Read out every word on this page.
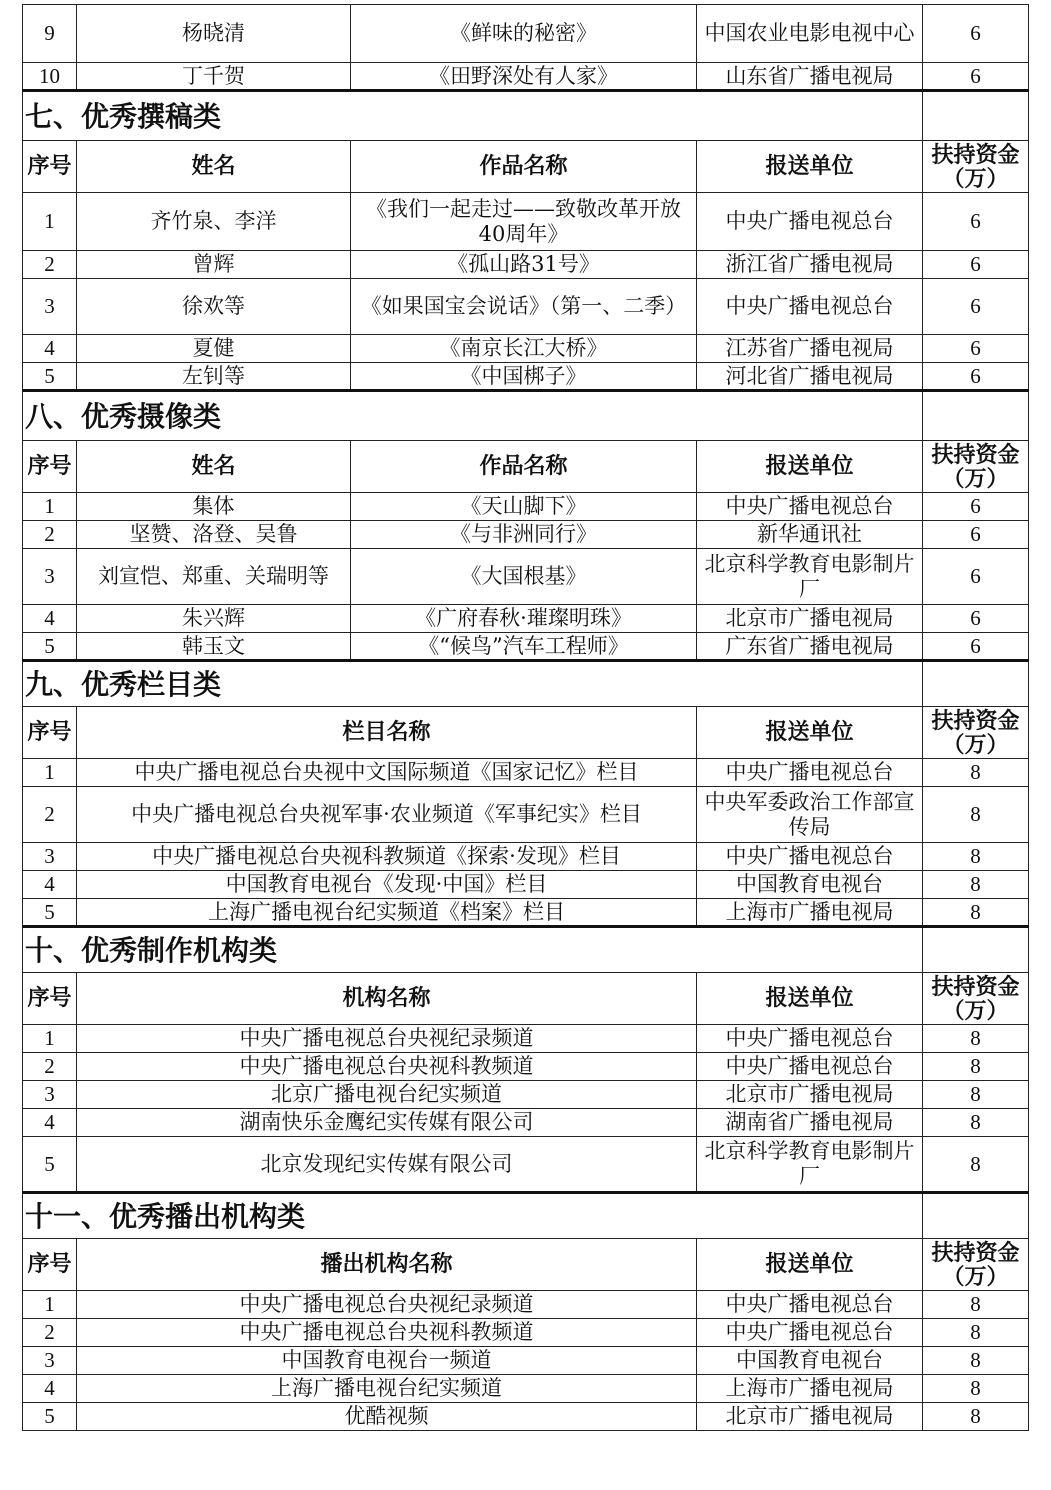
9	杨晓清	《鲜味的秘密》	中国农业电影电视中心	6
10	丁千贺	《田野深处有人家》	山东省广播电视局	6
七、优秀撰稿类				
序号	姓名	作品名称	报送单位	扶持资金（万）
1	齐竹泉、李洋	《我们一起走过——致敬改革开放40周年》	中央广播电视总台	6
2	曾辉	《孤山路31号》	浙江省广播电视局	6
3	徐欢等	《如果国宝会说话》（第一、二季）	中央广播电视总台	6
4	夏健	《南京长江大桥》	江苏省广播电视局	6
5	左钊等	《中国梆子》	河北省广播电视局	6
八、优秀摄像类				
序号	姓名	作品名称	报送单位	扶持资金（万）
1	集体	《天山脚下》	中央广播电视总台	6
2	坚赞、洛登、吴鲁	《与非洲同行》	新华通讯社	6
3	刘宣恺、郑重、关瑞明等	《大国根基》	北京科学教育电影制片厂	6
4	朱兴辉	《广府春秋·璀璨明珠》	北京市广播电视局	6
5	韩玉文	《“候鸟”汽车工程师》	广东省广播电视局	6
九、优秀栏目类				
序号	栏目名称		报送单位	扶持资金（万）
1	中央广播电视总台央视中文国际频道《国家记忆》栏目		中央广播电视总台	8
2	中央广播电视总台央视军事·农业频道《军事纪实》栏目		中央军委政治工作部宣传局	8
3	中央广播电视总台央视科教频道《探索·发现》栏目		中央广播电视总台	8
4	中国教育电视台《发现·中国》栏目		中国教育电视台	8
5	上海广播电视台纪实频道《档案》栏目		上海市广播电视局	8
十、优秀制作机构类				
序号	机构名称		报送单位	扶持资金（万）
1	中央广播电视总台央视纪录频道		中央广播电视总台	8
2	中央广播电视总台央视科教频道		中央广播电视总台	8
3	北京广播电视台纪实频道		北京市广播电视局	8
4	湖南快乐金鹰纪实传媒有限公司		湖南省广播电视局	8
5	北京发现纪实传媒有限公司		北京科学教育电影制片厂	8
十一、优秀播出机构类				
序号	播出机构名称		报送单位	扶持资金（万）
1	中央广播电视总台央视纪录频道		中央广播电视总台	8
2	中央广播电视总台央视科教频道		中央广播电视总台	8
3	中国教育电视台一频道		中国教育电视台	8
4	上海广播电视台纪实频道		上海市广播电视局	8
5	优酷视频		北京市广播电视局	8
